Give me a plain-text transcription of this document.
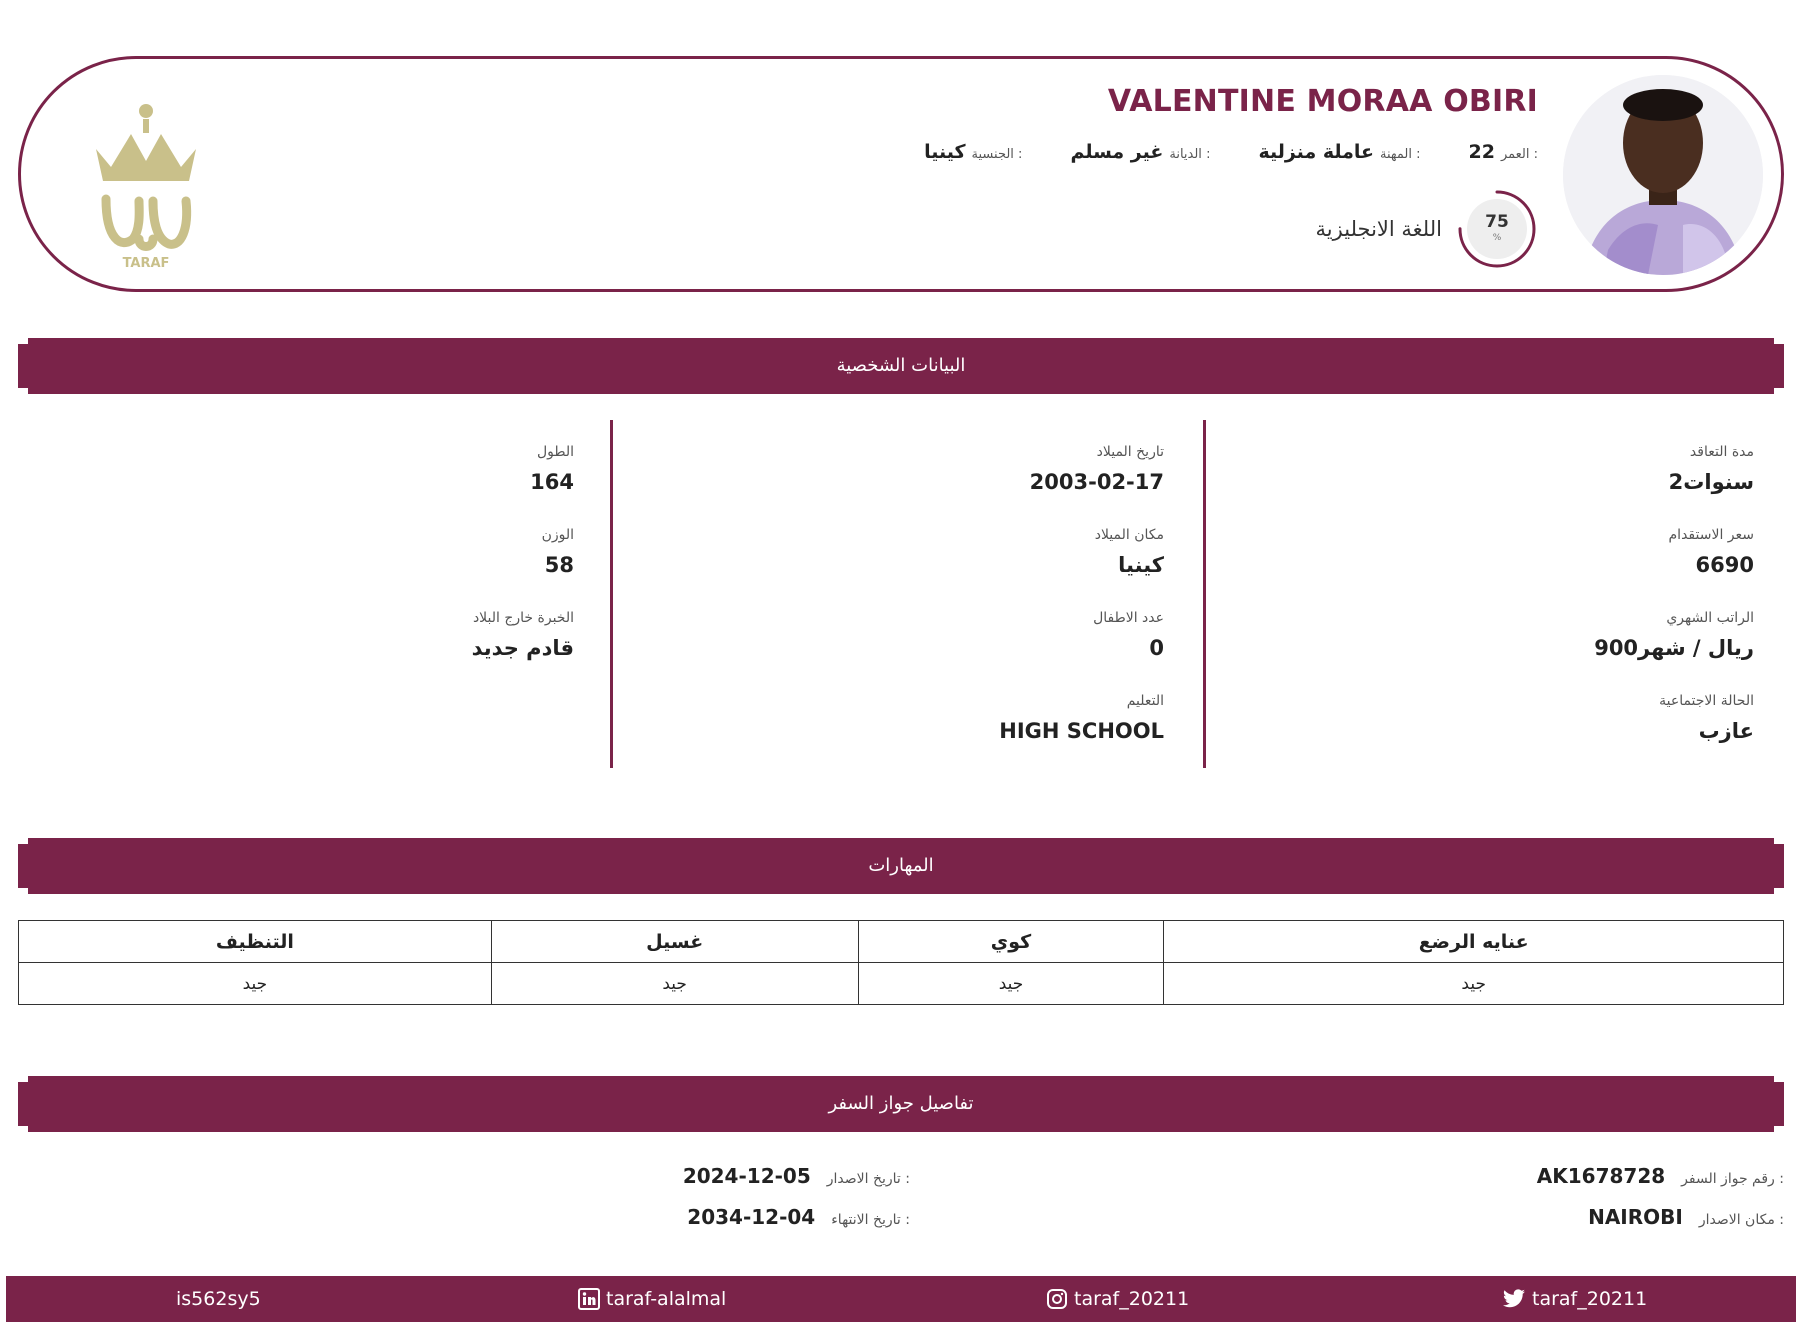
VALENTINE MORAA OBIRI
الجنسية :
كينيا	الديانة :
غير مسلم	المهنة :
عاملة منزلية	العمر :
22
75
%
اللغة الانجليزية
TARAF
البيانات الشخصية
مدة التعاقد
2سنوات
سعر الاستقدام
6690
الراتب الشهري
900ريال / شهر
الحالة الاجتماعية
عازب
تاريخ الميلاد
2003-02-17
مكان الميلاد
كينيا
عدد الاطفال
0
التعليم
HIGH SCHOOL
الطول
164
الوزن
58
الخبرة خارج البلاد
قادم جديد
المهارات
عنايه الرضع	كوي	غسيل	التنظيف
جيد	جيد	جيد	جيد
تفاصيل جواز السفر
رقم جواز السفر :
AK1678728
مكان الاصدار :
NAIROBI
تاريخ الاصدار :
2024-12-05
تاريخ الانتهاء :
2034-12-04
is562sy5	taraf-alalmal	taraf_20211	taraf_20211
